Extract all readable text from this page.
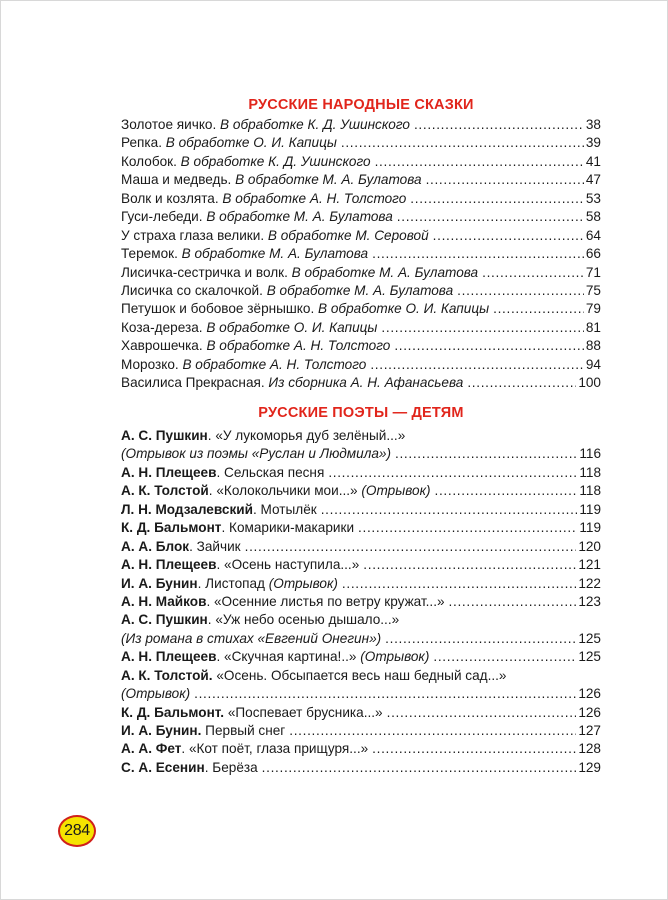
РУССКИЕ НАРОДНЫЕ СКАЗКИ
Золотое яичко. В обработке К. Д. Ушинского . . .	38
Репка. В обработке О. И. Капицы . . .	39
Колобок. В обработке К. Д. Ушинского . . .	41
Маша и медведь. В обработке М. А. Булатова . . .	47
Волк и козлята. В обработке А. Н. Толстого . . .	53
Гуси-лебеди. В обработке М. А. Булатова . . .	58
У страха глаза велики. В обработке М. Серовой . . .	64
Теремок. В обработке М. А. Булатова . . .	66
Лисичка-сестричка и волк. В обработке М. А. Булатова . . .	71
Лисичка со скалочкой. В обработке М. А. Булатова . . .	75
Петушок и бобовое зёрнышко. В обработке О. И. Капицы . . .	79
Коза-дереза. В обработке О. И. Капицы . . .	81
Хаврошечка. В обработке А. Н. Толстого . . .	88
Морозко. В обработке А. Н. Толстого . . .	94
Василиса Прекрасная. Из сборника А. Н. Афанасьева . . .	100
РУССКИЕ ПОЭТЫ — ДЕТЯМ
А. С. Пушкин. «У лукоморья дуб зелёный...»
(Отрывок из поэмы «Руслан и Людмила») . . .	116
А. Н. Плещеев. Сельская песня . . .	118
А. К. Толстой. «Колокольчики мои...» (Отрывок) . . .	118
Л. Н. Модзалевский. Мотылёк . . .	119
К. Д. Бальмонт. Комарики-макарики . . .	119
А. А. Блок. Зайчик . . .	120
А. Н. Плещеев. «Осень наступила...» . . .	121
И. А. Бунин. Листопад (Отрывок) . . .	122
А. Н. Майков. «Осенние листья по ветру кружат...» . . .	123
А. С. Пушкин. «Уж небо осенью дышало...»
(Из романа в стихах «Евгений Онегин») . . .	125
А. Н. Плещеев. «Скучная картина!..» (Отрывок) . . .	125
А. К. Толстой. «Осень. Обсыпается весь наш бедный сад...»
(Отрывок) . . .	126
К. Д. Бальмонт. «Поспевает брусника...» . . .	126
И. А. Бунин. Первый снег . . .	127
А. А. Фет. «Кот поёт, глаза прищуря...» . . .	128
С. А. Есенин. Берёза . . .	129
284
